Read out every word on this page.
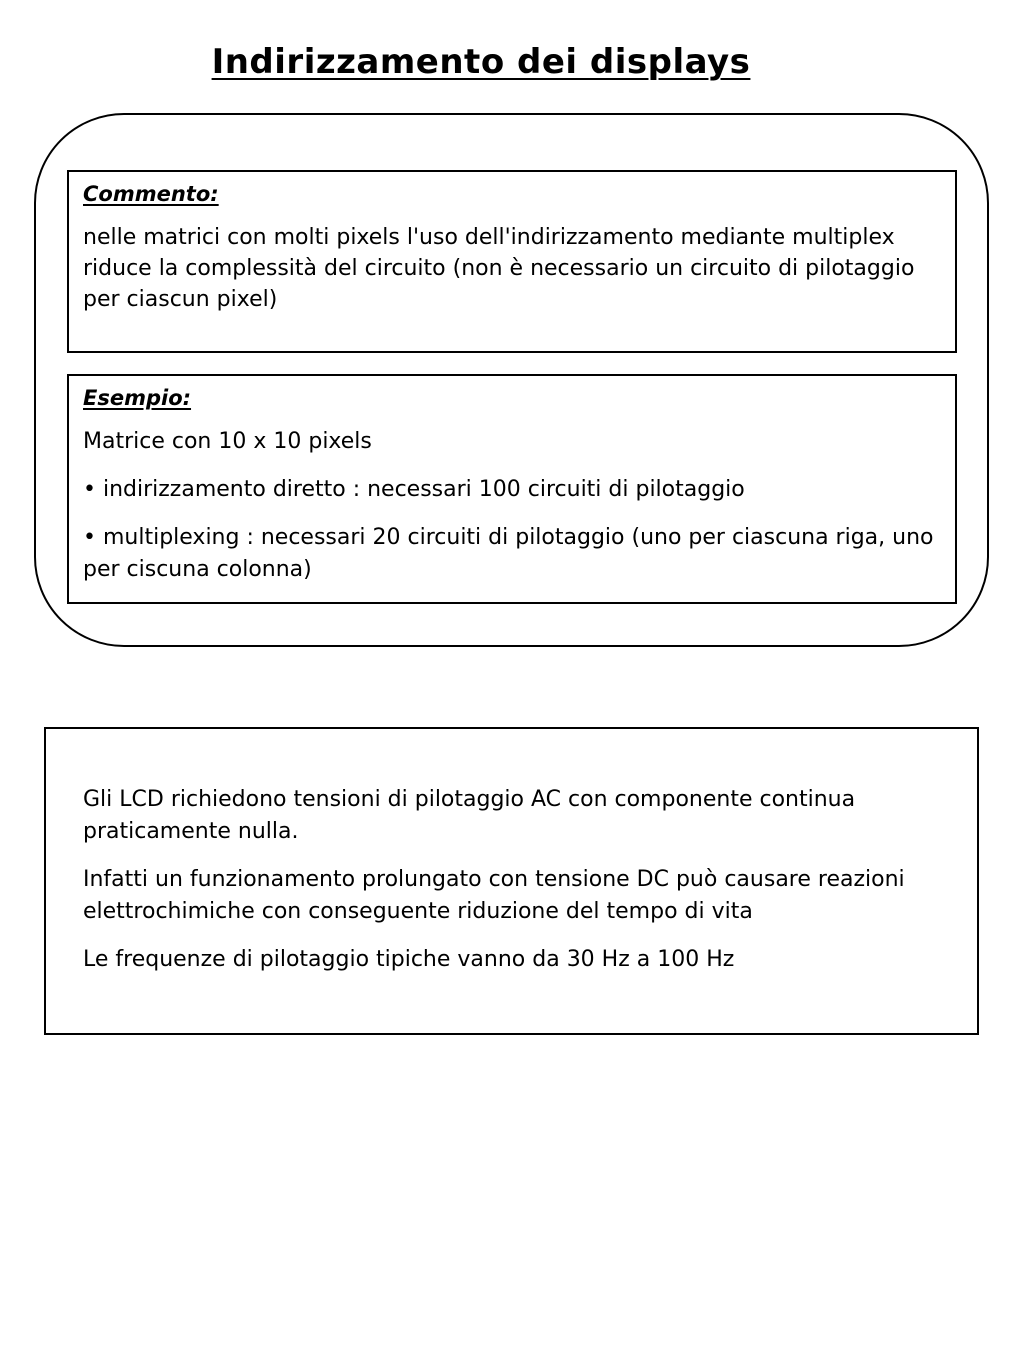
Indirizzamento dei displays
Commento:
nelle matrici con molti pixels l'uso dell'indirizzamento mediante multiplex riduce la complessità del circuito (non è necessario un circuito di pilotaggio per ciascun pixel)
Esempio:
Matrice con 10 x 10 pixels
• indirizzamento diretto : necessari 100 circuiti di pilotaggio
• multiplexing : necessari 20 circuiti di pilotaggio (uno per ciascuna riga, uno per ciscuna colonna)
Gli LCD richiedono tensioni di pilotaggio AC con componente continua praticamente nulla.
Infatti un funzionamento prolungato con tensione DC può causare reazioni elettrochimiche con conseguente riduzione del tempo di vita
Le frequenze di pilotaggio tipiche vanno da 30 Hz a 100 Hz
